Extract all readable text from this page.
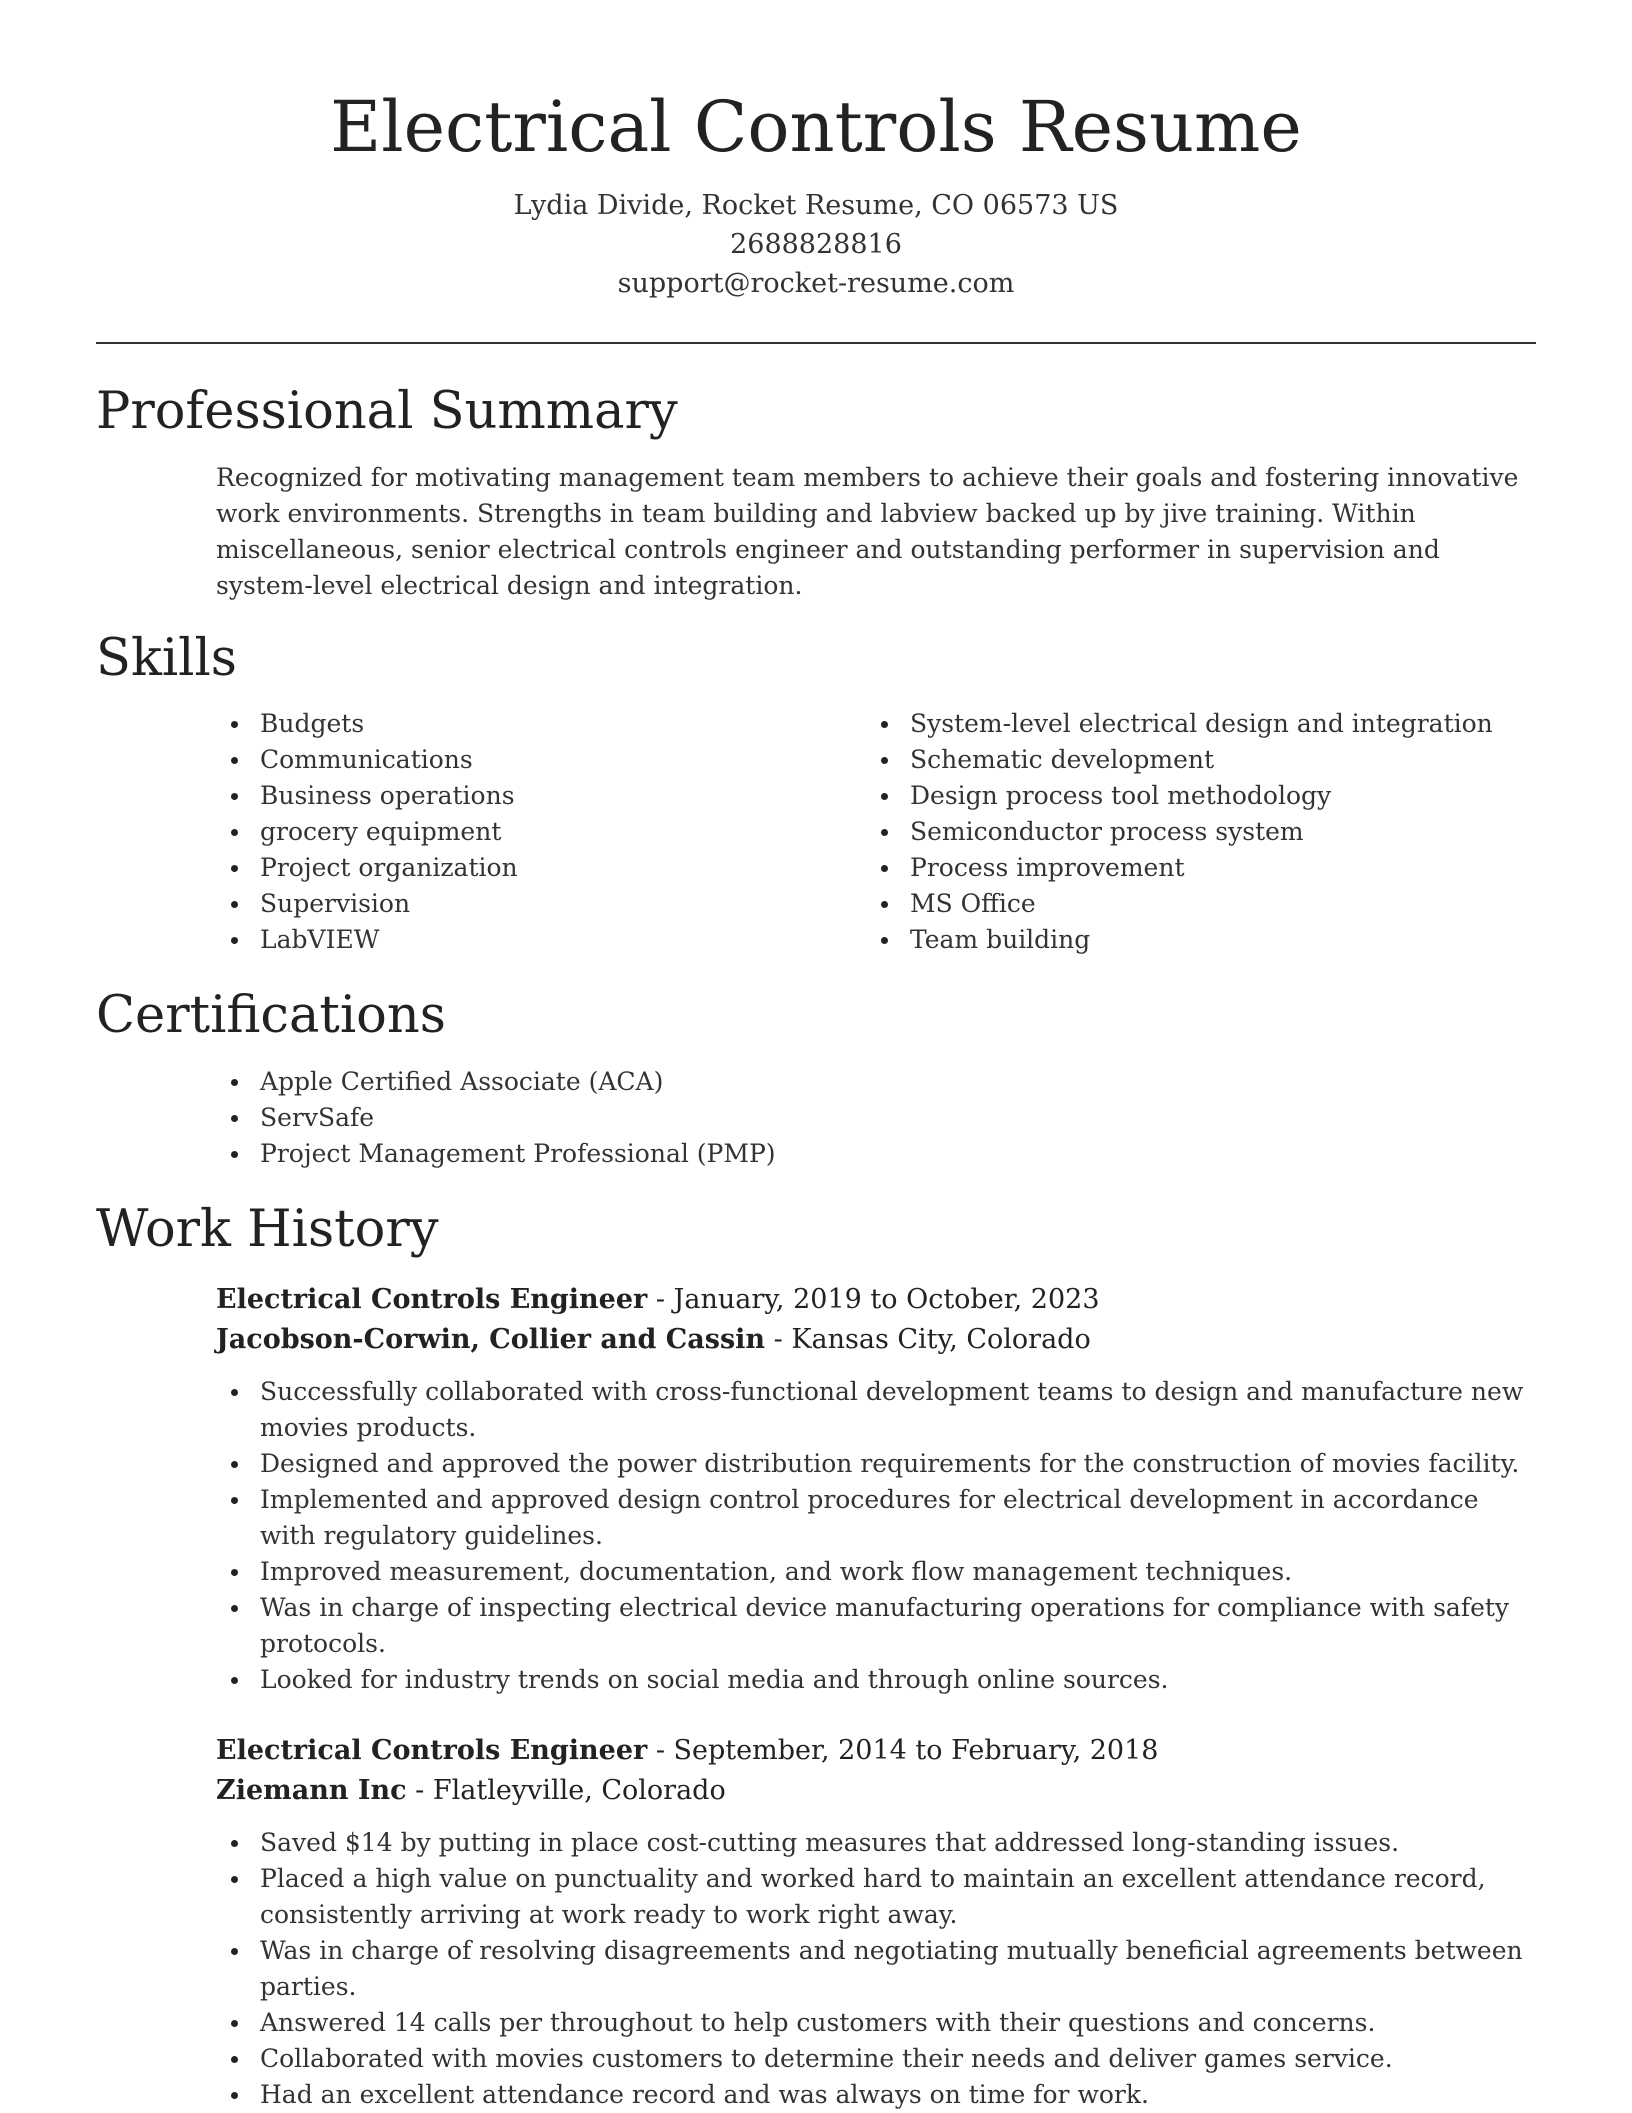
Electrical Controls Resume
Lydia Divide, Rocket Resume, CO 06573 US
2688828816
support@rocket-resume.com
Professional Summary

Recognized for motivating management team members to achieve their goals and fostering innovative work environments. Strengths in team building and labview backed up by jive training. Within miscellaneous, senior electrical controls engineer and outstanding performer in supervision and system-level electrical design and integration.

Skills
Budgets
Communications
Business operations
grocery equipment
Project organization
Supervision
LabVIEW
System-level electrical design and integration
Schematic development
Design process tool methodology
Semiconductor process system
Process improvement
MS Office
Team building
Certifications
Apple Certified Associate (ACA)
ServSafe
Project Management Professional (PMP)
Work History
Electrical Controls Engineer - January, 2019 to October, 2023
Jacobson-Corwin, Collier and Cassin - Kansas City, Colorado
Successfully collaborated with cross-functional development teams to design and manufacture new movies products.
Designed and approved the power distribution requirements for the construction of movies facility.
Implemented and approved design control procedures for electrical development in accordance with regulatory guidelines.
Improved measurement, documentation, and work flow management techniques.
Was in charge of inspecting electrical device manufacturing operations for compliance with safety protocols.
Looked for industry trends on social media and through online sources.
Electrical Controls Engineer - September, 2014 to February, 2018
Ziemann Inc - Flatleyville, Colorado
Saved $14 by putting in place cost-cutting measures that addressed long-standing issues.
Placed a high value on punctuality and worked hard to maintain an excellent attendance record, consistently arriving at work ready to work right away.
Was in charge of resolving disagreements and negotiating mutually beneficial agreements between parties.
Answered 14 calls per throughout to help customers with their questions and concerns.
Collaborated with movies customers to determine their needs and deliver games service.
Had an excellent attendance record and was always on time for work.
